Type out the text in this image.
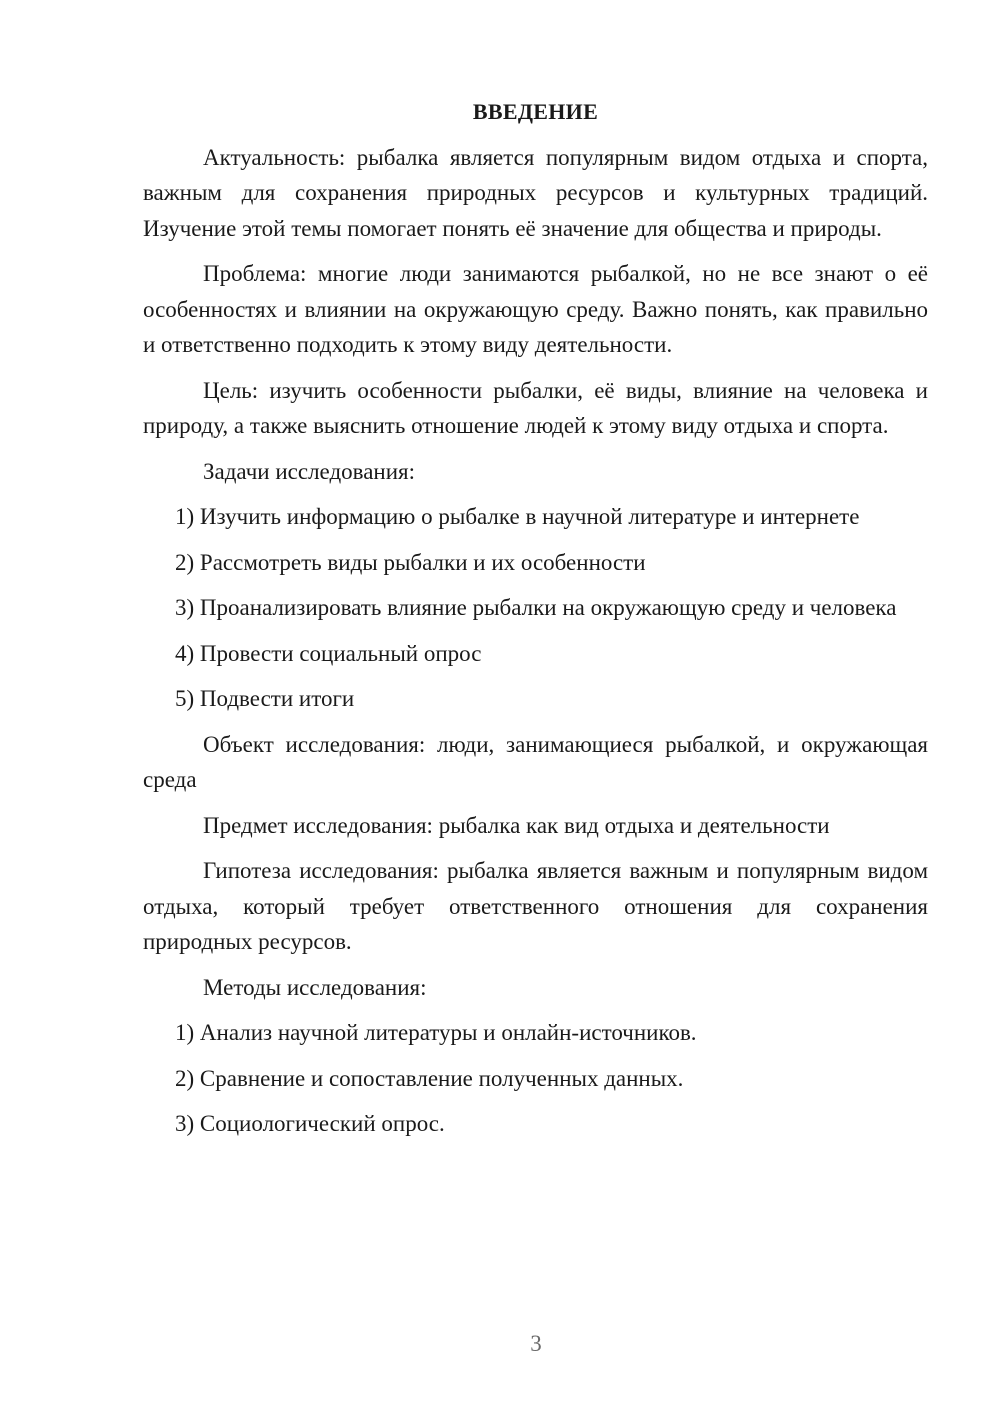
ВВЕДЕНИЕ

Актуальность: рыбалка является популярным видом отдыха и спорта, важным для сохранения природных ресурсов и культурных традиций. Изучение этой темы помогает понять её значение для общества и природы.

Проблема: многие люди занимаются рыбалкой, но не все знают о её особенностях и влиянии на окружающую среду. Важно понять, как правильно и ответственно подходить к этому виду деятельности.

Цель: изучить особенности рыбалки, её виды, влияние на человека и природу, а также выяснить отношение людей к этому виду отдыха и спорта.

Задачи исследования:

1) Изучить информацию о рыбалке в научной литературе и интернете

2) Рассмотреть виды рыбалки и их особенности

3) Проанализировать влияние рыбалки на окружающую среду и человека

4) Провести социальный опрос

5) Подвести итоги

Объект исследования: люди, занимающиеся рыбалкой, и окружающая среда

Предмет исследования: рыбалка как вид отдыха и деятельности

Гипотеза исследования: рыбалка является важным и популярным видом отдыха, который требует ответственного отношения для сохранения природных ресурсов.

Методы исследования:

1) Анализ научной литературы и онлайн-источников.

2) Сравнение и сопоставление полученных данных.

3) Социологический опрос.

3
